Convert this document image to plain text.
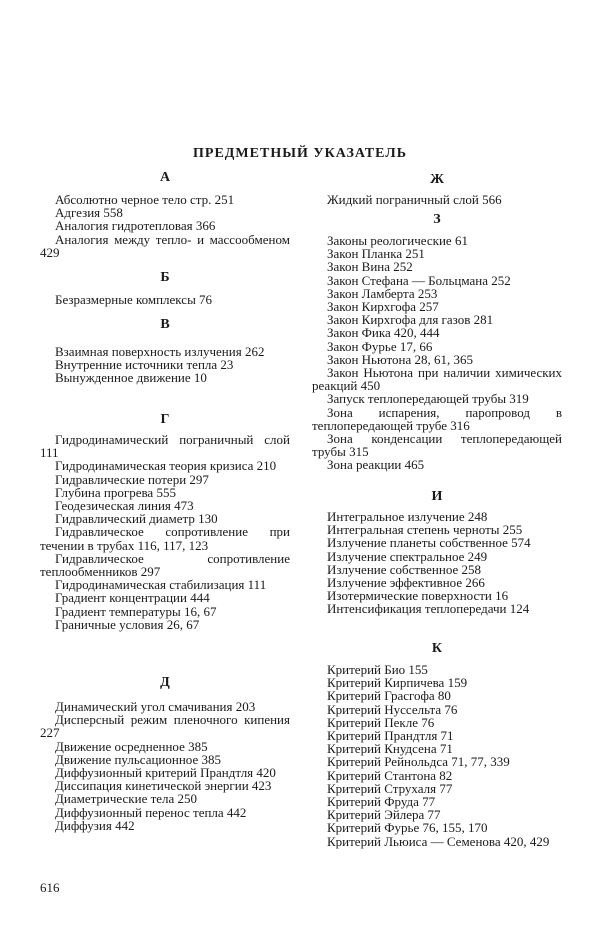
ПРЕДМЕТНЫЙ УКАЗАТЕЛЬ
А
Абсолютно черное тело стр. 251
Адгезия 558
Аналогия гидротепловая 366
Аналогия между тепло- и массообменом 429
Б
Безразмерные комплексы 76
В
Взаимная поверхность излучения 262
Внутренние источники тепла 23
Вынужденное движение 10
Г
Гидродинамический пограничный слой 111
Гидродинамическая теория кризиса 210
Гидравлические потери 297
Глубина прогрева 555
Геодезическая линия 473
Гидравлический диаметр 130
Гидравлическое сопротивление при течении в трубах 116, 117, 123
Гидравлическое сопротивление теплообменников 297
Гидродинамическая стабилизация 111
Градиент концентрации 444
Градиент температуры 16, 67
Граничные условия 26, 67
Д
Динамический угол смачивания 203
Дисперсный режим пленочного кипения 227
Движение осредненное 385
Движение пульсационное 385
Диффузионный критерий Прандтля 420
Диссипация кинетической энергии 423
Диаметрические тела 250
Диффузионный перенос тепла 442
Диффузия 442
Ж
Жидкий пограничный слой 566
З
Законы реологические 61
Закон Планка 251
Закон Вина 252
Закон Стефана — Больцмана 252
Закон Ламберта 253
Закон Кирхгофа 257
Закон Кирхгофа для газов 281
Закон Фика 420, 444
Закон Фурье 17, 66
Закон Ньютона 28, 61, 365
Закон Ньютона при наличии химических реакций 450
Запуск теплопередающей трубы 319
Зона испарения, паропровод в теплопередающей трубе 316
Зона конденсации теплопередающей трубы 315
Зона реакции 465
И
Интегральное излучение 248
Интегральная степень черноты 255
Излучение планеты собственное 574
Излучение спектральное 249
Излучение собственное 258
Излучение эффективное 266
Изотермические поверхности 16
Интенсификация теплопередачи 124
К
Критерий Био 155
Критерий Кирпичева 159
Критерий Грасгофа 80
Критерий Нуссельта 76
Критерий Пекле 76
Критерий Прандтля 71
Критерий Кнудсена 71
Критерий Рейнольдса 71, 77, 339
Критерий Стантона 82
Критерий Струхаля 77
Критерий Фруда 77
Критерий Эйлера 77
Критерий Фурье 76, 155, 170
Критерий Льюиса — Семенова 420, 429
616
